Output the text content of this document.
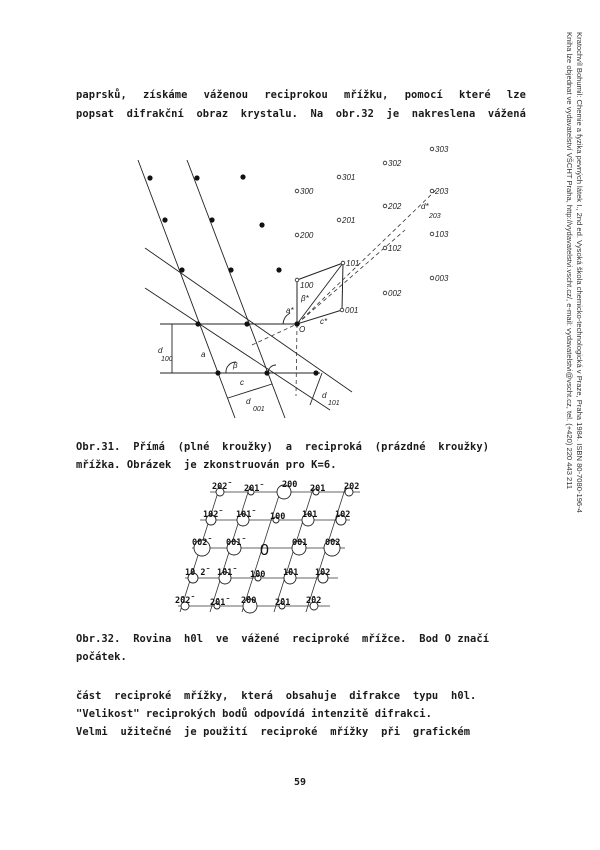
Kratochvíl Bohumil: Chemie a fyzika pevných látek I., 2nd ed. Vysoká škola chemicko-technologická v Praze, Praha 1984. ISBN 80-7080-196-4
Kniha lze objednat ve vydavatelství VŠCHT Praha, http://vydavatelstvi.vscht.cz/, e-mail: vydavatelstvi@vscht.cz, tel. (+420) 220 443 211
paprsků, získáme váženou reciprokou mřížku, pomocí které lze
popsat difrakční obraz krystalu. Na obr.32 je nakreslena vážená
303
302
301
300	203
202
201
200	103
102
101
100
003
002
001
a*
c*
β*
d*
203
O
a
c
β
d
100
d
001
d
101
Obr.31.  Přímá  (plné  kroužky)  a  reciproká  (prázdné  kroužky)
mřížka. Obrázek  je zkonstruován pro K=6.
202̄	201̄	200 201 202
102̄	101̄	100 101 102
002̄	001̄ 0	001 002
1̄0 2̄	1̄01̄	1̄00 1̄01 1̄02
2̄02̄	2̄01̄	2̄00 2̄01 2̄02
Obr.32.  Rovina  h0l  ve  vážené  reciproké  mřížce.  Bod O značí
počátek.
část  reciproké  mřížky,  která  obsahuje  difrakce  typu  h0l.
"Velikost" reciprokých bodů odpovídá intenzitě difrakci.
Velmi  užitečné  je použití  reciproké  mřížky  při  grafickém
59
